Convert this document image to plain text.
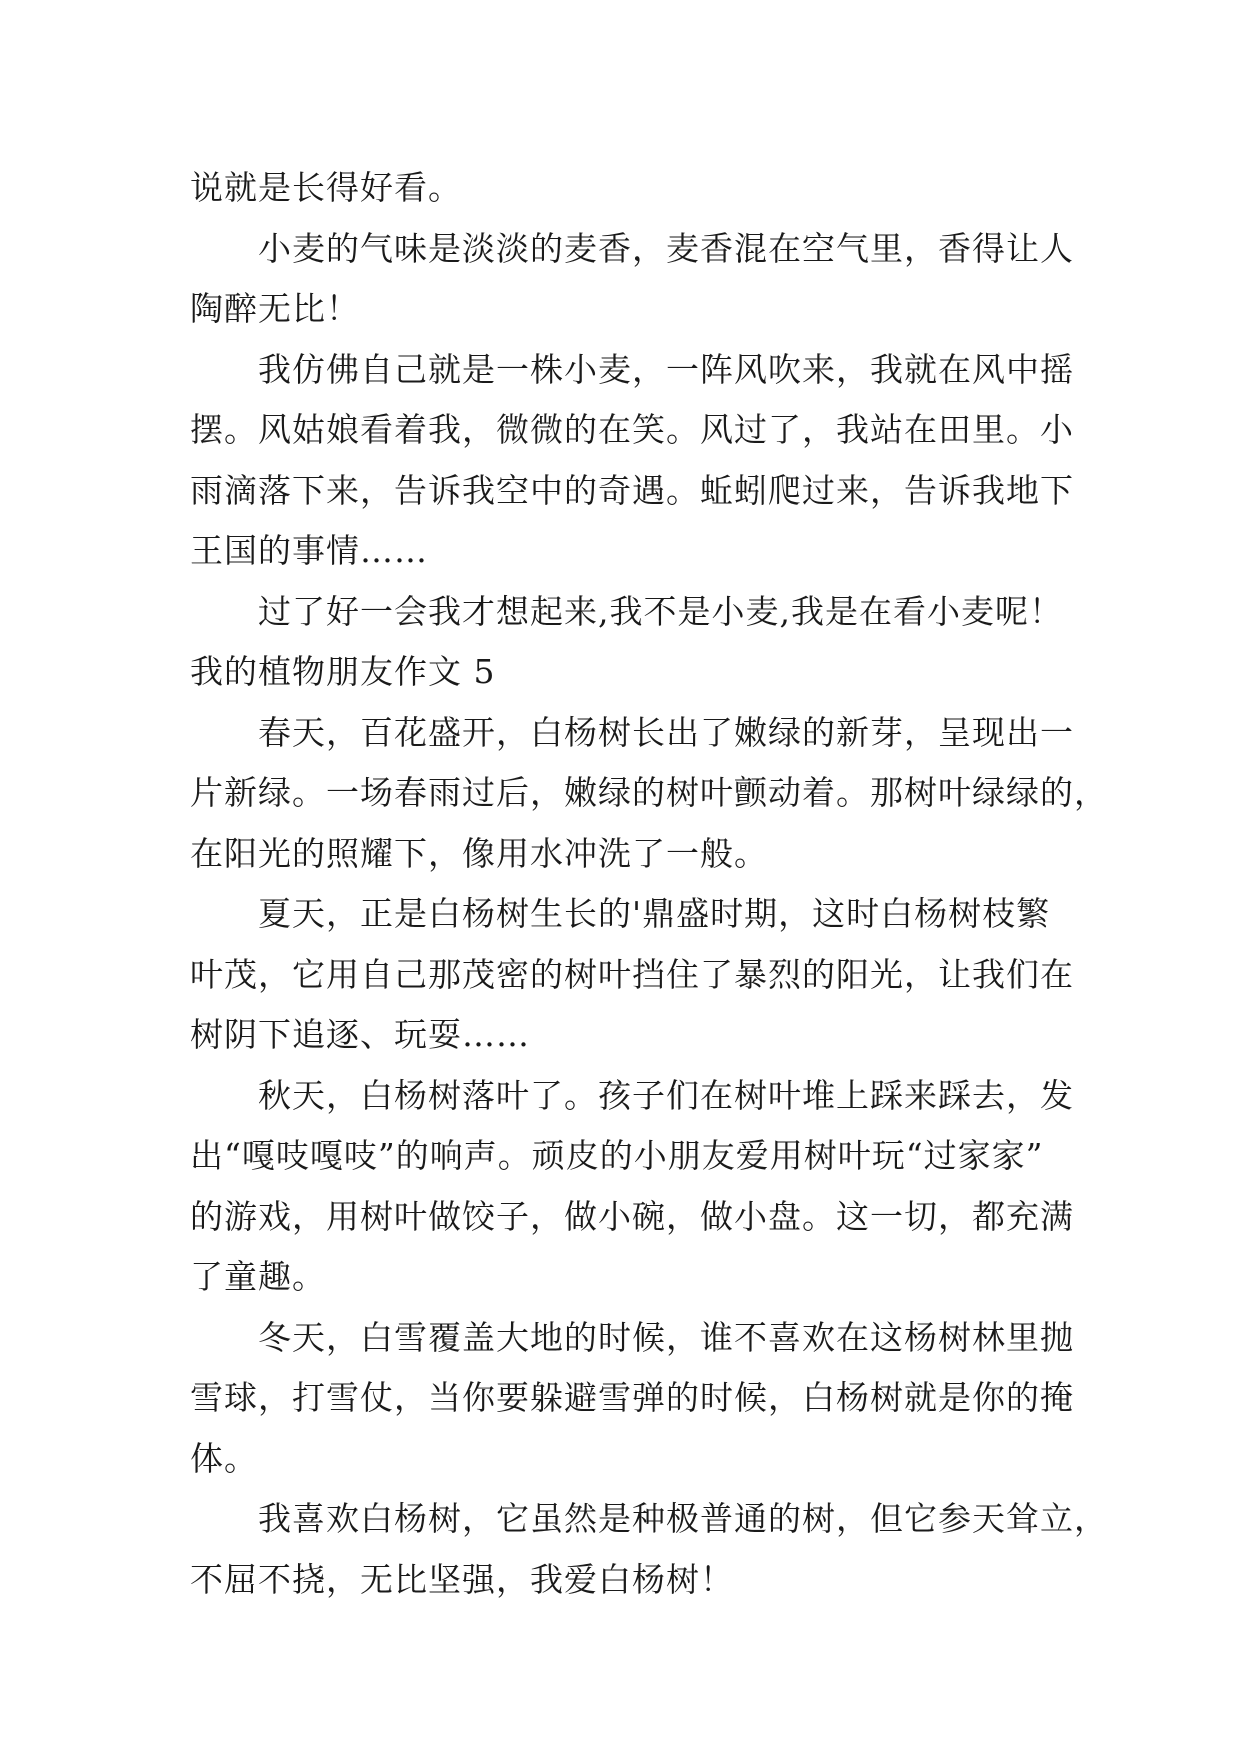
说就是长得好看。

小麦的气味是淡淡的麦香，麦香混在空气里，香得让人

陶醉无比！

我仿佛自己就是一株小麦，一阵风吹来，我就在风中摇

摆。风姑娘看着我，微微的在笑。风过了，我站在田里。小

雨滴落下来，告诉我空中的奇遇。蚯蚓爬过来，告诉我地下

王国的事情……

过了好一会我才想起来,我不是小麦,我是在看小麦呢！

我的植物朋友作文 5

春天，百花盛开，白杨树长出了嫩绿的新芽，呈现出一

片新绿。一场春雨过后，嫩绿的树叶颤动着。那树叶绿绿的，

在阳光的照耀下，像用水冲洗了一般。

夏天，正是白杨树生长的'鼎盛时期，这时白杨树枝繁

叶茂，它用自己那茂密的树叶挡住了暴烈的阳光，让我们在

树阴下追逐、玩耍……

秋天，白杨树落叶了。孩子们在树叶堆上踩来踩去，发

出“嘎吱嘎吱”的响声。顽皮的小朋友爱用树叶玩“过家家”

的游戏，用树叶做饺子，做小碗，做小盘。这一切，都充满

了童趣。

冬天，白雪覆盖大地的时候，谁不喜欢在这杨树林里抛

雪球，打雪仗，当你要躲避雪弹的时候，白杨树就是你的掩

体。

我喜欢白杨树，它虽然是种极普通的树，但它参天耸立，

不屈不挠，无比坚强，我爱白杨树！
